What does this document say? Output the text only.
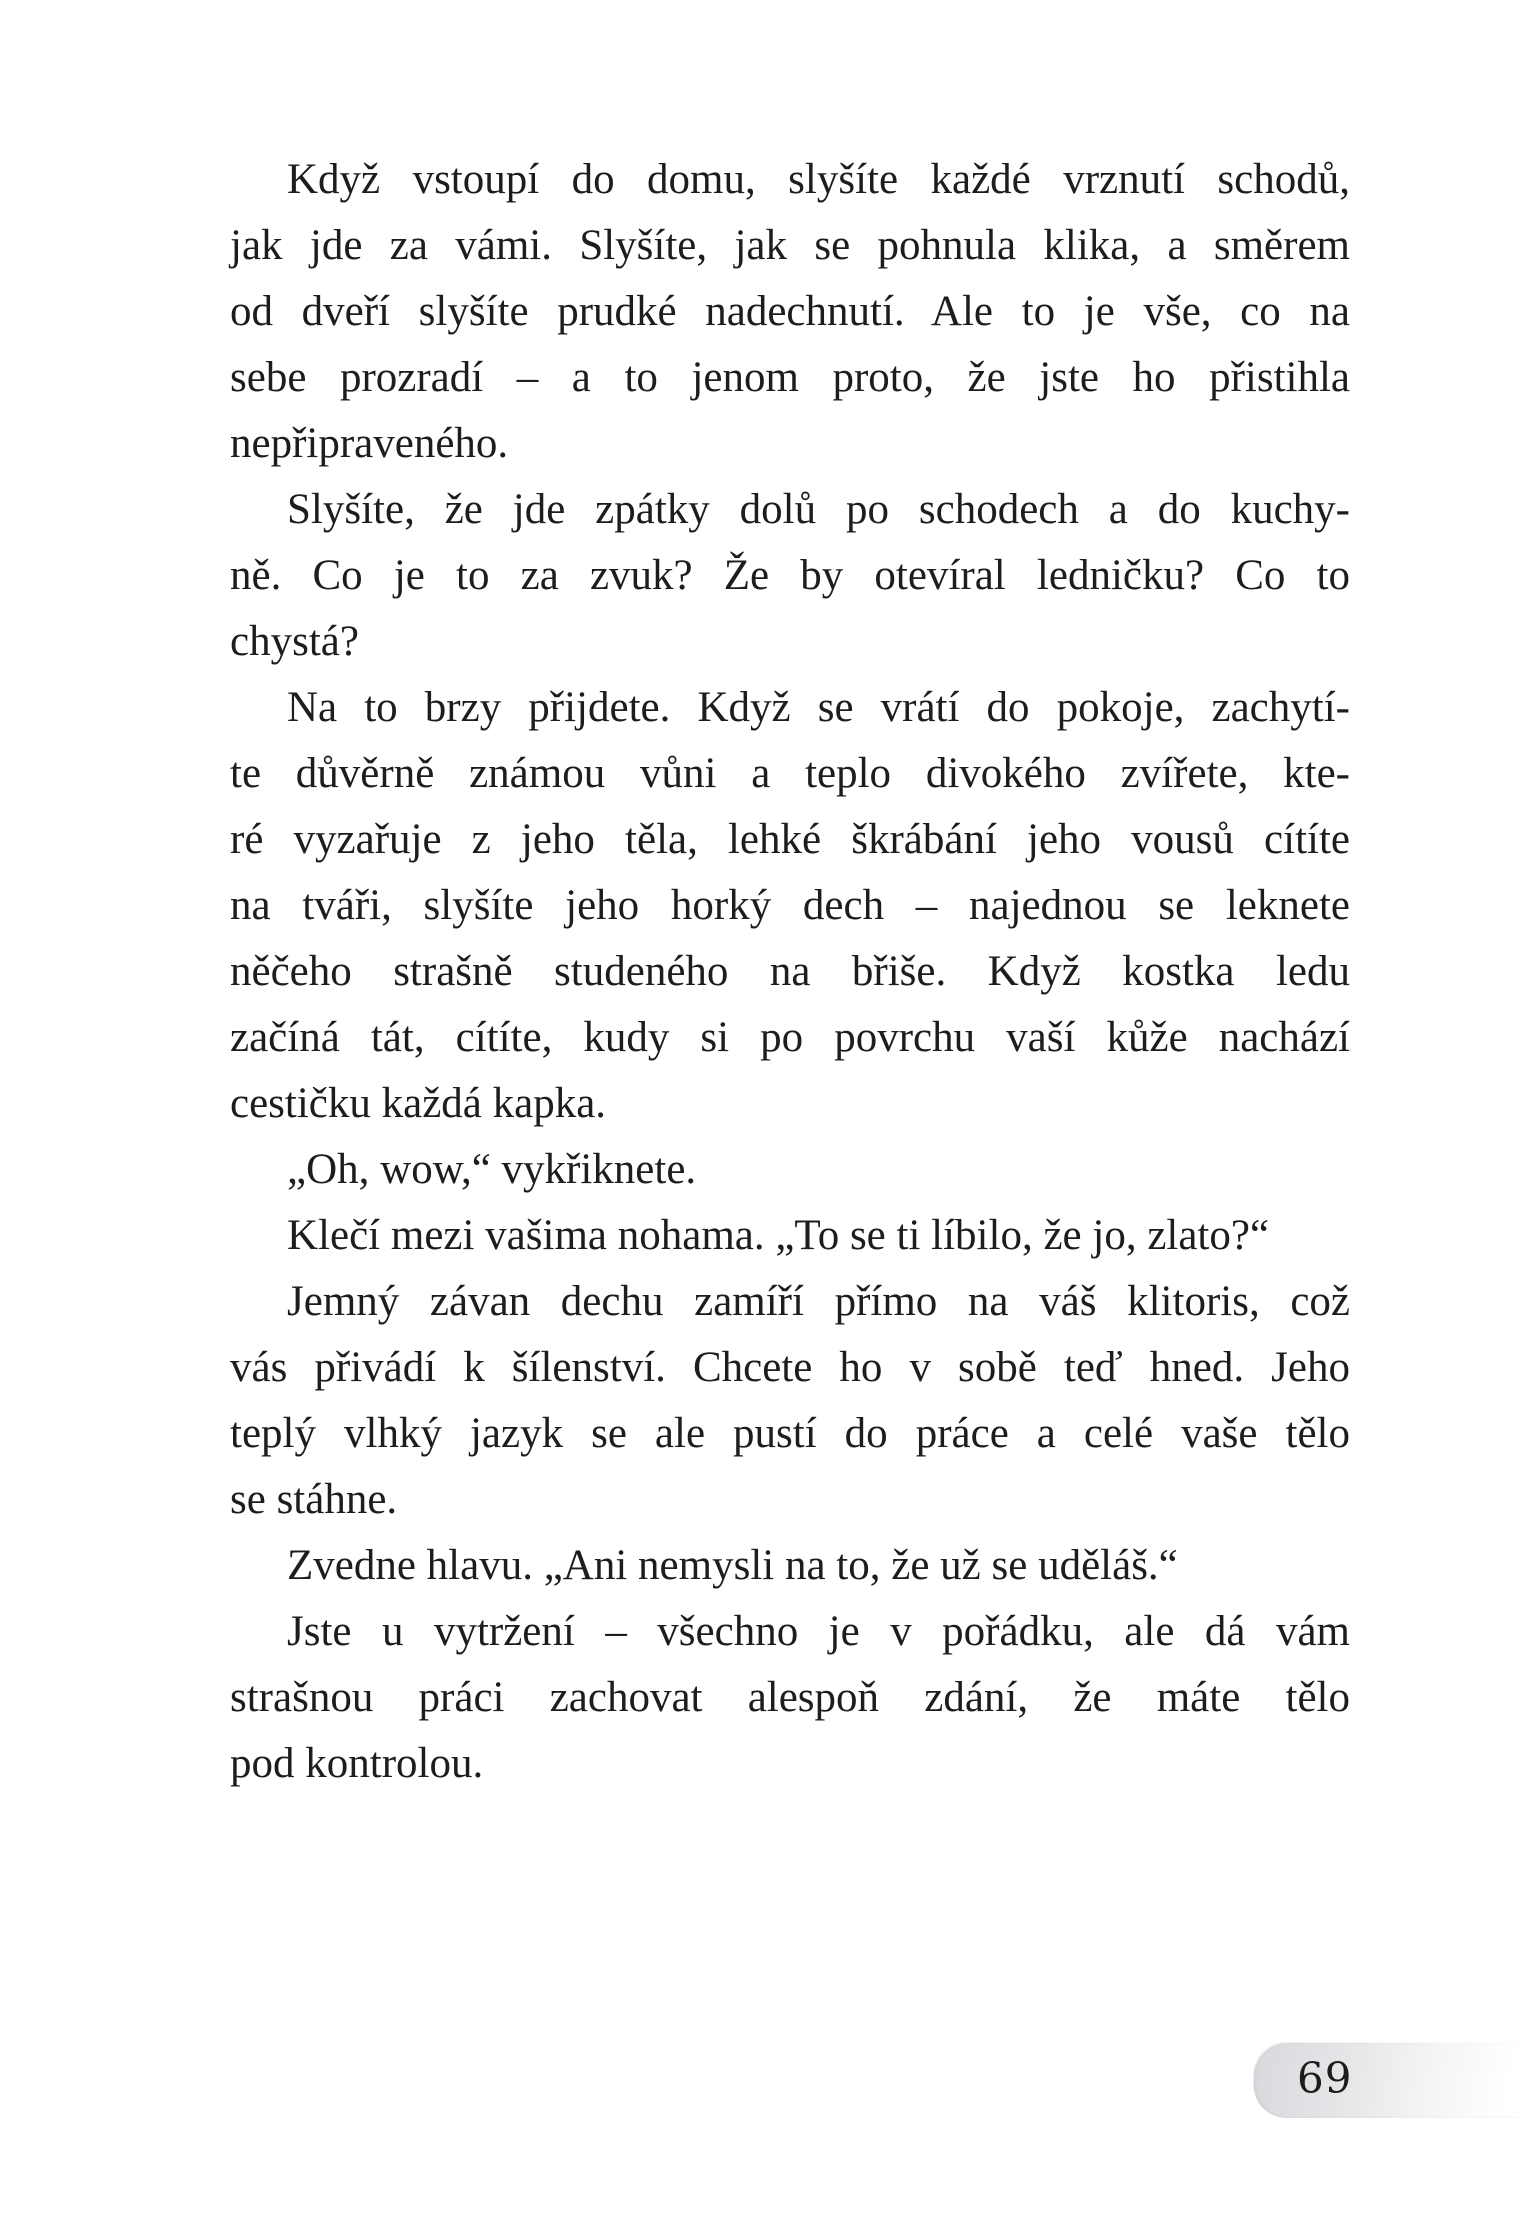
Když vstoupí do domu, slyšíte každé vrznutí schodů,
jak jde za vámi. Slyšíte, jak se pohnula klika, a směrem
od dveří slyšíte prudké nadechnutí. Ale to je vše, co na
sebe prozradí – a to jenom proto, že jste ho přistihla
nepřipraveného.
Slyšíte, že jde zpátky dolů po schodech a do kuchy-
ně. Co je to za zvuk? Že by otevíral ledničku? Co to
chystá?
Na to brzy přijdete. Když se vrátí do pokoje, zachytí-
te důvěrně známou vůni a teplo divokého zvířete, kte-
ré vyzařuje z jeho těla, lehké škrábání jeho vousů cítíte
na tváři, slyšíte jeho horký dech – najednou se leknete
něčeho strašně studeného na břiše. Když kostka ledu
začíná tát, cítíte, kudy si po povrchu vaší kůže nachází
cestičku každá kapka.
„Oh, wow,“ vykřiknete.
Klečí mezi vašima nohama. „To se ti líbilo, že jo, zlato?“
Jemný závan dechu zamíří přímo na váš klitoris, což
vás přivádí k šílenství. Chcete ho v sobě teď hned. Jeho
teplý vlhký jazyk se ale pustí do práce a celé vaše tělo
se stáhne.
Zvedne hlavu. „Ani nemysli na to, že už se uděláš.“
Jste u vytržení – všechno je v pořádku, ale dá vám
strašnou práci zachovat alespoň zdání, že máte tělo
pod kontrolou.
69
